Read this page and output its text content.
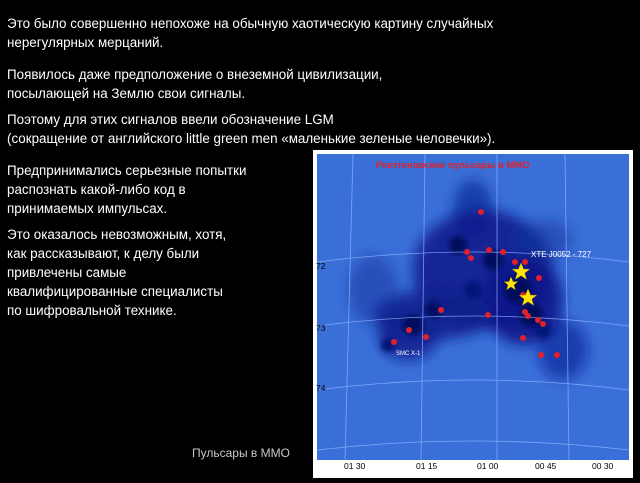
Это было совершенно непохоже на обычную хаотическую картину случайных
нерегулярных мерцаний.

Появилось даже предположение о внеземной цивилизации,
посылающей на Землю свои сигналы.

Поэтому для этих сигналов ввели обозначение LGM
(сокращение от английского little green men «маленькие зеленые человечки»).

Предпринимались серьезные попытки
распознать какой-либо код в
принимаемых импульсах.

Это оказалось невозможным, хотя,
как рассказывают, к делу были
привлечены самые
квалифицированные специалисты
по шифровальной технике.

Пульсары в ММО
Рентгеновские пульсары в ММО
XTE J0052 - 727
SMC X-1
72
73
74
01 30	01 15	01 00	00 45	00 30
